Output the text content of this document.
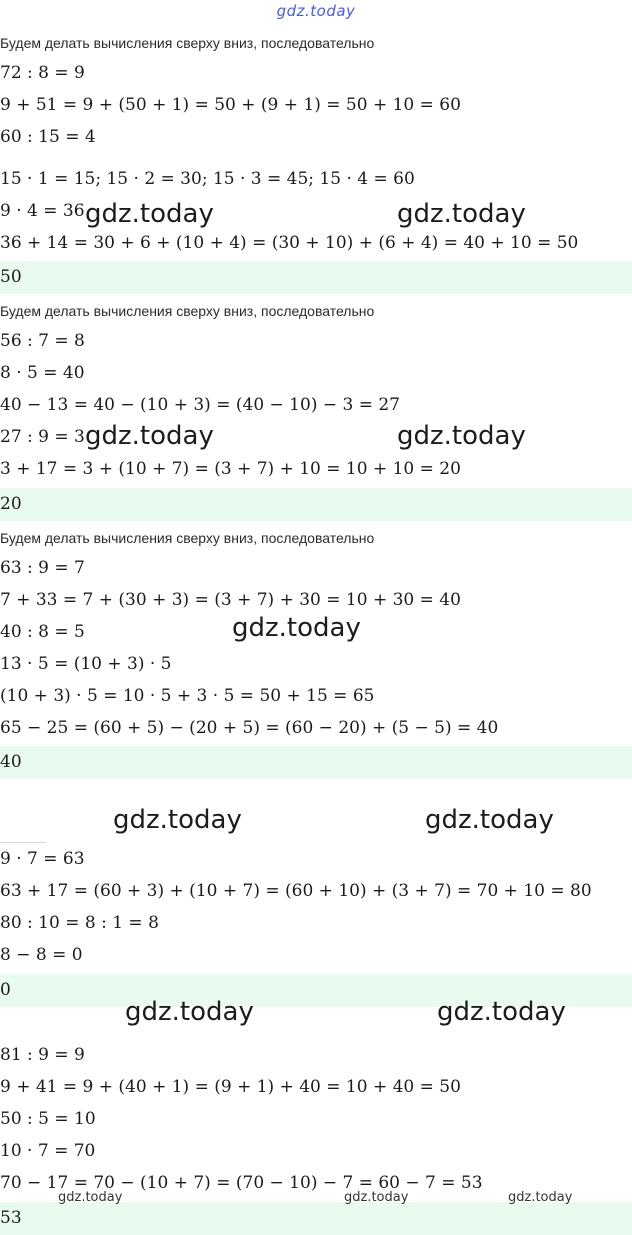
gdz.today
50
20
40
0
53
Будем делать вычисления сверху вниз, последовательно
72 : 8 = 9
9 + 51 = 9 + (50 + 1) = 50 + (9 + 1) = 50 + 10 = 60
60 : 15 = 4
15 · 1 = 15; 15 · 2 = 30; 15 · 3 = 45; 15 · 4 = 60
9 · 4 = 36
36 + 14 = 30 + 6 + (10 + 4) = (30 + 10) + (6 + 4) = 40 + 10 = 50
Будем делать вычисления сверху вниз, последовательно
56 : 7 = 8
8 · 5 = 40
40 − 13 = 40 − (10 + 3) = (40 − 10) − 3 = 27
27 : 9 = 3
3 + 17 = 3 + (10 + 7) = (3 + 7) + 10 = 10 + 10 = 20
Будем делать вычисления сверху вниз, последовательно
63 : 9 = 7
7 + 33 = 7 + (30 + 3) = (3 + 7) + 30 = 10 + 30 = 40
40 : 8 = 5
13 · 5 = (10 + 3) · 5
(10 + 3) · 5 = 10 · 5 + 3 · 5 = 50 + 15 = 65
65 − 25 = (60 + 5) − (20 + 5) = (60 − 20) + (5 − 5) = 40
9 · 7 = 63
63 + 17 = (60 + 3) + (10 + 7) = (60 + 10) + (3 + 7) = 70 + 10 = 80
80 : 10 = 8 : 1 = 8
8 − 8 = 0
81 : 9 = 9
9 + 41 = 9 + (40 + 1) = (9 + 1) + 40 = 10 + 40 = 50
50 : 5 = 10
10 · 7 = 70
70 − 17 = 70 − (10 + 7) = (70 − 10) − 7 = 60 − 7 = 53
gdz.today	gdz.today
gdz.today	gdz.today
gdz.today
gdz.today	gdz.today
gdz.today	gdz.today
gdz.today	gdz.today	gdz.today
